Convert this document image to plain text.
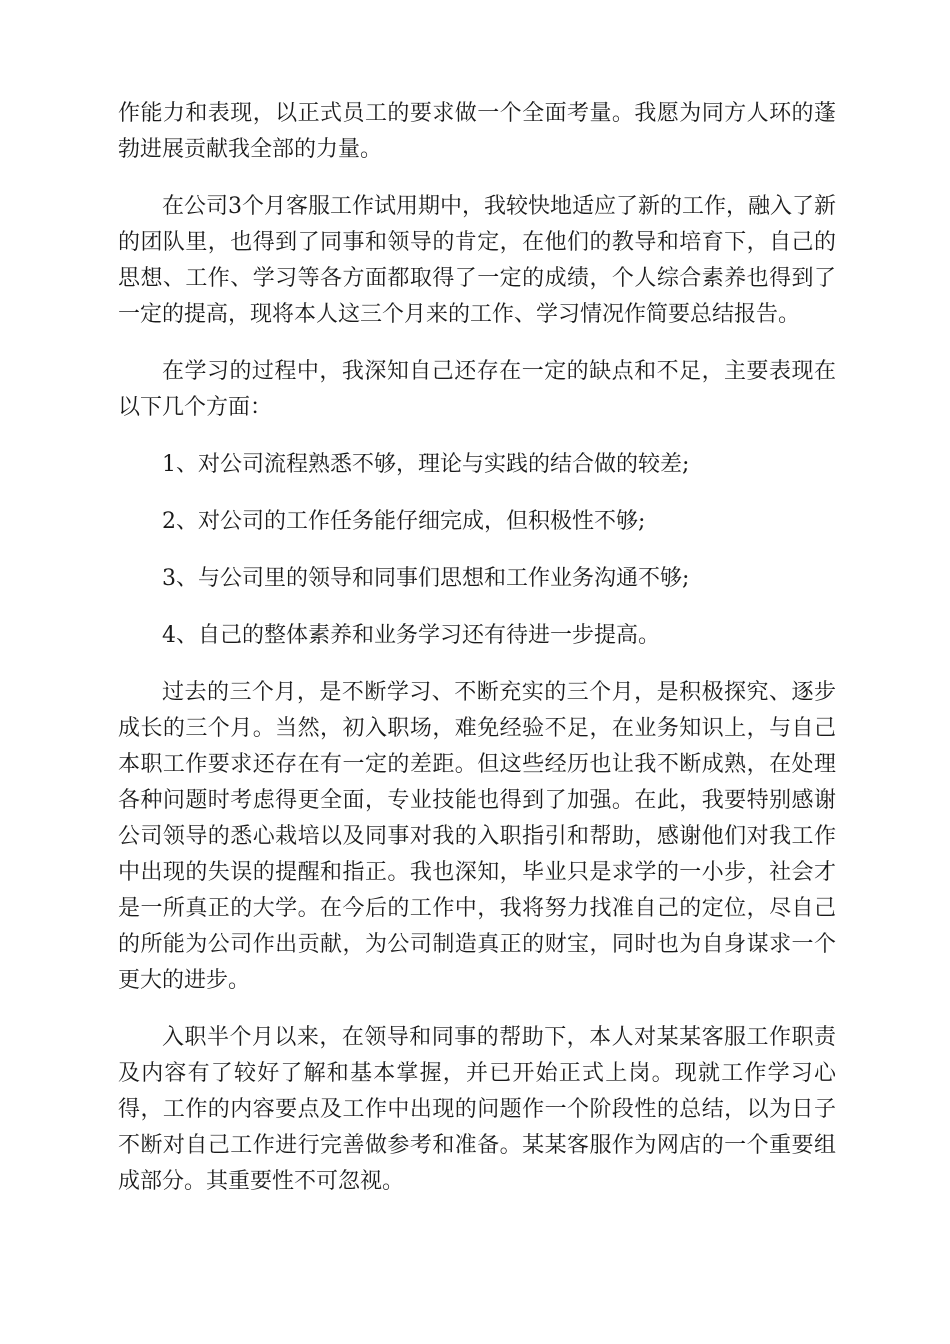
作能力和表现，以正式员工的要求做一个全面考量。我愿为同方人环的蓬勃进展贡献我全部的力量。

在公司3个月客服工作试用期中，我较快地适应了新的工作，融入了新的团队里，也得到了同事和领导的肯定，在他们的教导和培育下，自己的思想、工作、学习等各方面都取得了一定的成绩，个人综合素养也得到了一定的提高，现将本人这三个月来的工作、学习情况作简要总结报告。

在学习的过程中，我深知自己还存在一定的缺点和不足，主要表现在以下几个方面：

1、对公司流程熟悉不够，理论与实践的结合做的较差;

2、对公司的工作任务能仔细完成，但积极性不够;

3、与公司里的领导和同事们思想和工作业务沟通不够;

4、自己的整体素养和业务学习还有待进一步提高。

过去的三个月，是不断学习、不断充实的三个月，是积极探究、逐步成长的三个月。当然，初入职场，难免经验不足，在业务知识上，与自己本职工作要求还存在有一定的差距。但这些经历也让我不断成熟，在处理各种问题时考虑得更全面，专业技能也得到了加强。在此，我要特别感谢公司领导的悉心栽培以及同事对我的入职指引和帮助，感谢他们对我工作中出现的失误的提醒和指正。我也深知，毕业只是求学的一小步，社会才是一所真正的大学。在今后的工作中，我将努力找准自己的定位，尽自己的所能为公司作出贡献，为公司制造真正的财宝，同时也为自身谋求一个更大的进步。

入职半个月以来，在领导和同事的帮助下，本人对某某客服工作职责及内容有了较好了解和基本掌握，并已开始正式上岗。现就工作学习心得，工作的内容要点及工作中出现的问题作一个阶段性的总结，以为日子不断对自己工作进行完善做参考和准备。某某客服作为网店的一个重要组成部分。其重要性不可忽视。
